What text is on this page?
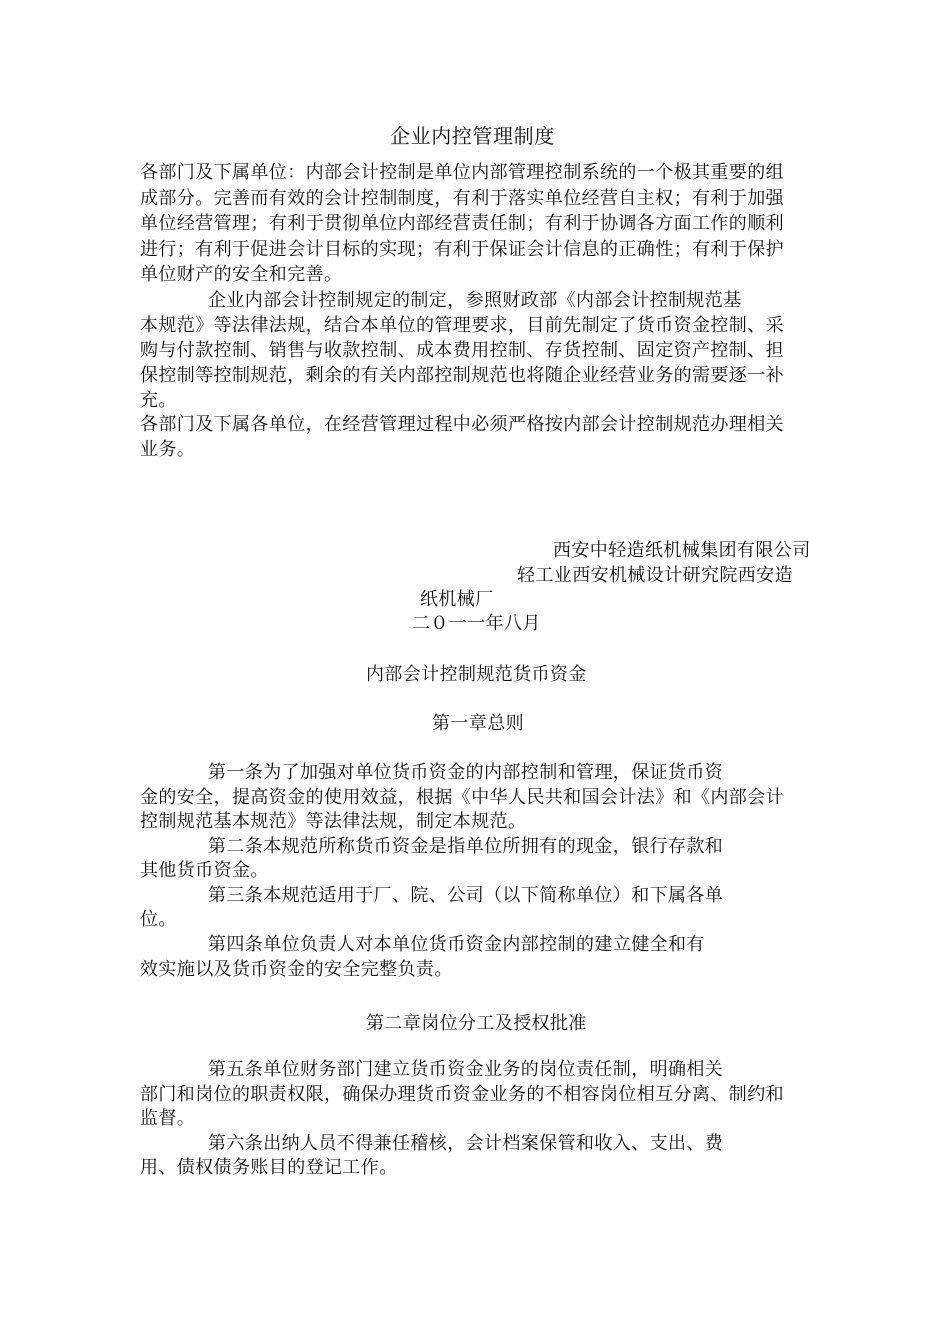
企业内控管理制度
各部门及下属单位：内部会计控制是单位内部管理控制系统的一个极其重要的组
成部分。完善而有效的会计控制制度，有利于落实单位经营自主权；有利于加强
单位经营管理；有利于贯彻单位内部经营责任制；有利于协调各方面工作的顺利
进行；有利于促进会计目标的实现；有利于保证会计信息的正确性；有利于保护
单位财产的安全和完善。
企业内部会计控制规定的制定，参照财政部《内部会计控制规范基
本规范》等法律法规，结合本单位的管理要求，目前先制定了货币资金控制、采
购与付款控制、销售与收款控制、成本费用控制、存货控制、固定资产控制、担
保控制等控制规范，剩余的有关内部控制规范也将随企业经营业务的需要逐一补
充。
各部门及下属各单位，在经营管理过程中必须严格按内部会计控制规范办理相关
业务。
西安中轻造纸机械集团有限公司
轻工业西安机械设计研究院西安造
纸机械厂
二０一一年八月
内部会计控制规范货币资金
第一章总则
第一条为了加强对单位货币资金的内部控制和管理，保证货币资
金的安全，提高资金的使用效益，根据《中华人民共和国会计法》和《内部会计
控制规范基本规范》等法律法规，制定本规范。
第二条本规范所称货币资金是指单位所拥有的现金，银行存款和
其他货币资金。
第三条本规范适用于厂、院、公司（以下简称单位）和下属各单
位。
第四条单位负责人对本单位货币资金内部控制的建立健全和有
效实施以及货币资金的安全完整负责。
第二章岗位分工及授权批准
第五条单位财务部门建立货币资金业务的岗位责任制，明确相关
部门和岗位的职责权限，确保办理货币资金业务的不相容岗位相互分离、制约和
监督。
第六条出纳人员不得兼任稽核，会计档案保管和收入、支出、费
用、债权债务账目的登记工作。
